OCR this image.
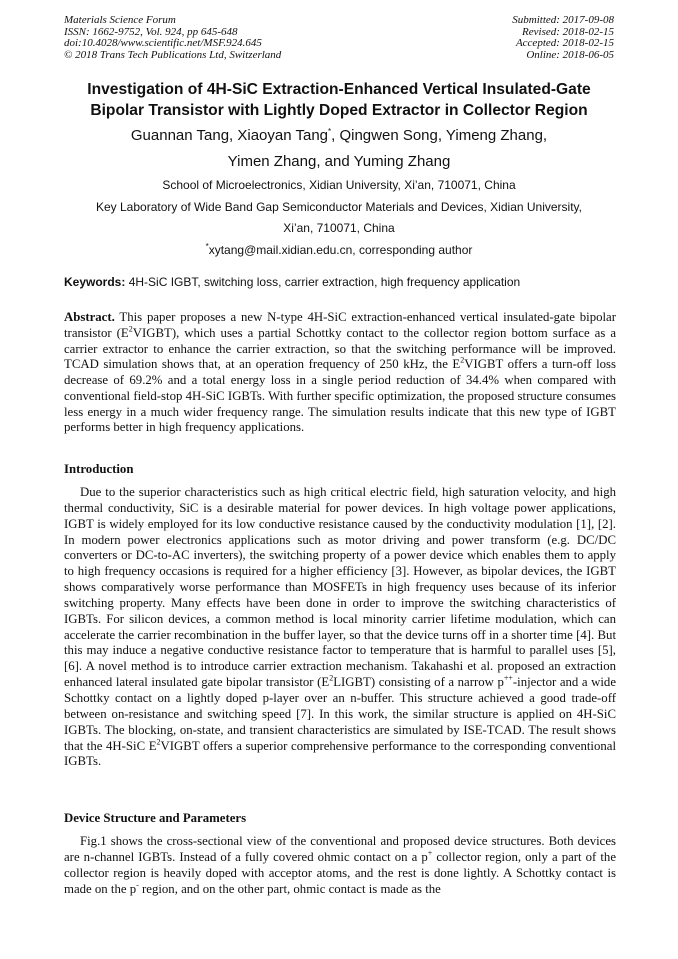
Materials Science Forum
ISSN: 1662-9752, Vol. 924, pp 645-648
doi:10.4028/www.scientific.net/MSF.924.645
© 2018 Trans Tech Publications Ltd, Switzerland
Submitted: 2017-09-08
Revised: 2018-02-15
Accepted: 2018-02-15
Online: 2018-06-05
Investigation of 4H-SiC Extraction-Enhanced Vertical Insulated-Gate
Bipolar Transistor with Lightly Doped Extractor in Collector Region
Guannan Tang, Xiaoyan Tang*, Qingwen Song, Yimeng Zhang,
Yimen Zhang, and Yuming Zhang
School of Microelectronics, Xidian University, Xi’an, 710071, China
Key Laboratory of Wide Band Gap Semiconductor Materials and Devices, Xidian University,
Xi’an, 710071, China
*xytang@mail.xidian.edu.cn, corresponding author
Keywords: 4H-SiC IGBT, switching loss, carrier extraction, high frequency application
Abstract. This paper proposes a new N-type 4H-SiC extraction-enhanced vertical insulated-gate bipolar transistor $(E^2VIGBT)$, which uses a partial Schottky contact to the collector region bottom surface as a carrier extractor to enhance the carrier extraction, so that the switching performance will be improved. TCAD simulation shows that, at an operation frequency of 250 kHz, the $E^2VIGBT$ offers a turn-off loss decrease of 69.2% and a total energy loss in a single period reduction of 34.4% when compared with conventional field-stop 4H-SiC IGBTs. With further specific optimization, the proposed structure consumes less energy in a much wider frequency range. The simulation results indicate that this new type of IGBT performs better in high frequency applications.
Introduction
Due to the superior characteristics such as high critical electric field, high saturation velocity, and high thermal conductivity, SiC is a desirable material for power devices. In high voltage power applications, IGBT is widely employed for its low conductive resistance caused by the conductivity modulation [1], [2]. In modern power electronics applications such as motor driving and power transform (e.g. DC/DC converters or DC-to-AC inverters), the switching property of a power device which enables them to apply to high frequency occasions is required for a higher efficiency [3]. However, as bipolar devices, the IGBT shows comparatively worse performance than MOSFETs in high frequency uses because of its inferior switching property. Many effects have been done in order to improve the switching characteristics of IGBTs. For silicon devices, a common method is local minority carrier lifetime modulation, which can accelerate the carrier recombination in the buffer layer, so that the device turns off in a shorter time [4]. But this may induce a negative conductive resistance factor to temperature that is harmful to parallel uses [5], [6]. A novel method is to introduce carrier extraction mechanism. Takahashi et al. proposed an extraction enhanced lateral insulated gate bipolar transistor $(E^2LIGBT)$ consisting of a narrow p++-injector and a wide Schottky contact on a lightly doped p-layer over an n-buffer. This structure achieved a good trade-off between on-resistance and switching speed [7]. In this work, the similar structure is applied on 4H-SiC IGBTs. The blocking, on-state, and transient characteristics are simulated by ISE-TCAD. The result shows that the 4H-SiC $E^2VIGBT$ offers a superior comprehensive performance to the corresponding conventional IGBTs.
Device Structure and Parameters
Fig.1 shows the cross-sectional view of the conventional and proposed device structures. Both devices are n-channel IGBTs. Instead of a fully covered ohmic contact on a p+ collector region, only a part of the collector region is heavily doped with acceptor atoms, and the rest is done lightly. A Schottky contact is made on the p- region, and on the other part, ohmic contact is made as the
